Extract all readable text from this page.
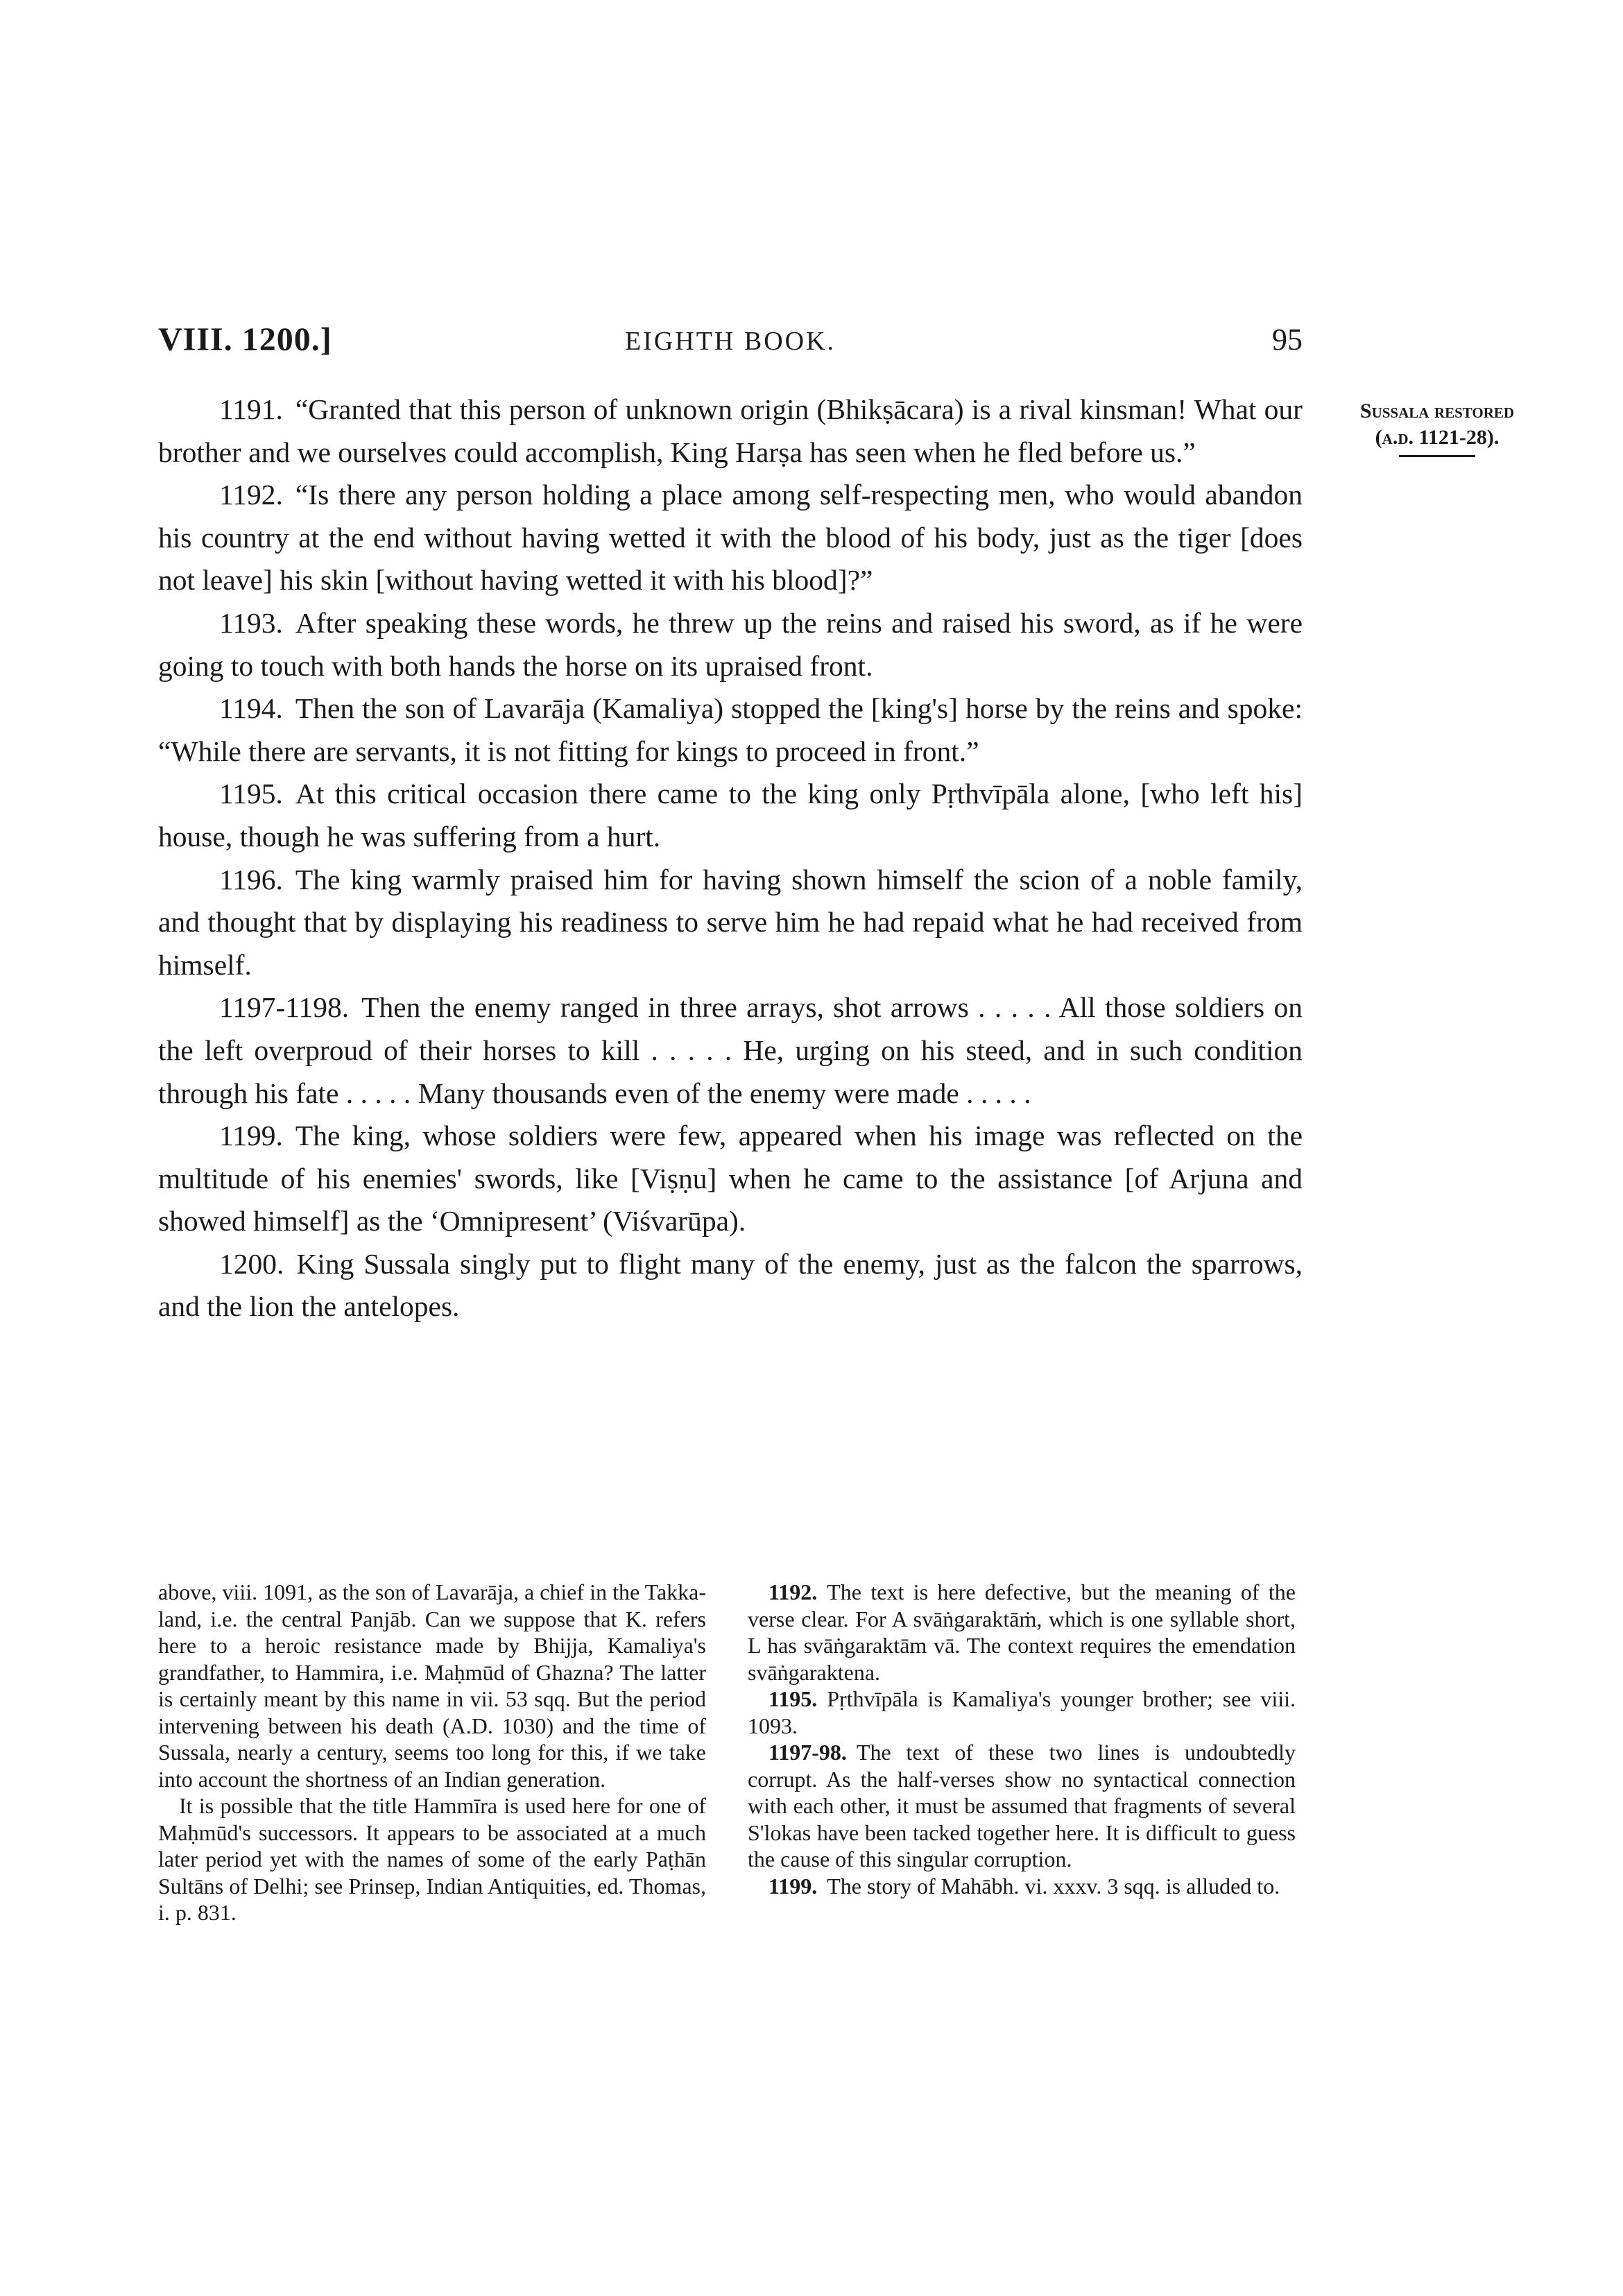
VIII. 1200.]	EIGHTH BOOK.	95
Sussala restored
(a.d. 1121-28).

1191. “Granted that this person of unknown origin (Bhikṣācara) is a rival kinsman! What our brother and we ourselves could accomplish, King Harṣa has seen when he fled before us.”

1192. “Is there any person holding a place among self-respecting men, who would abandon his country at the end without having wetted it with the blood of his body, just as the tiger [does not leave] his skin [without having wetted it with his blood]?”

1193. After speaking these words, he threw up the reins and raised his sword, as if he were going to touch with both hands the horse on its upraised front.

1194. Then the son of Lavarāja (Kamaliya) stopped the [king's] horse by the reins and spoke: “While there are servants, it is not fitting for kings to proceed in front.”

1195. At this critical occasion there came to the king only Pṛthvīpāla alone, [who left his] house, though he was suffering from a hurt.

1196. The king warmly praised him for having shown himself the scion of a noble family, and thought that by displaying his readiness to serve him he had repaid what he had received from himself.

1197-1198. Then the enemy ranged in three arrays, shot arrows . . . . . All those soldiers on the left overproud of their horses to kill . . . . . He, urging on his steed, and in such condition through his fate . . . . . Many thousands even of the enemy were made . . . . .

1199. The king, whose soldiers were few, appeared when his image was reflected on the multitude of his enemies' swords, like [Viṣṇu] when he came to the assistance [of Arjuna and showed himself] as the ‘Omnipresent’ (Viśvarūpa).

1200. King Sussala singly put to flight many of the enemy, just as the falcon the sparrows, and the lion the antelopes.

above, viii. 1091, as the son of Lavarāja, a chief in the Takka-land, i.e. the central Panjāb. Can we suppose that K. refers here to a heroic resistance made by Bhijja, Kamaliya's grandfather, to Hammira, i.e. Maḥmūd of Ghazna? The latter is certainly meant by this name in vii. 53 sqq. But the period intervening between his death (A.D. 1030) and the time of Sussala, nearly a century, seems too long for this, if we take into account the shortness of an Indian generation.

It is possible that the title Hammīra is used here for one of Maḥmūd's successors. It appears to be associated at a much later period yet with the names of some of the early Paṭhān Sultāns of Delhi; see Prinsep, Indian Antiquities, ed. Thomas, i. p. 831.

1192. The text is here defective, but the meaning of the verse clear. For A svāṅgaraktāṁ, which is one syllable short, L has svāṅgaraktām vā. The context requires the emendation svāṅgaraktena.

1195. Pṛthvīpāla is Kamaliya's younger brother; see viii. 1093.

1197-98. The text of these two lines is undoubtedly corrupt. As the half-verses show no syntactical connection with each other, it must be assumed that fragments of several S'lokas have been tacked together here. It is difficult to guess the cause of this singular corruption.

1199. The story of Mahābh. vi. xxxv. 3 sqq. is alluded to.
